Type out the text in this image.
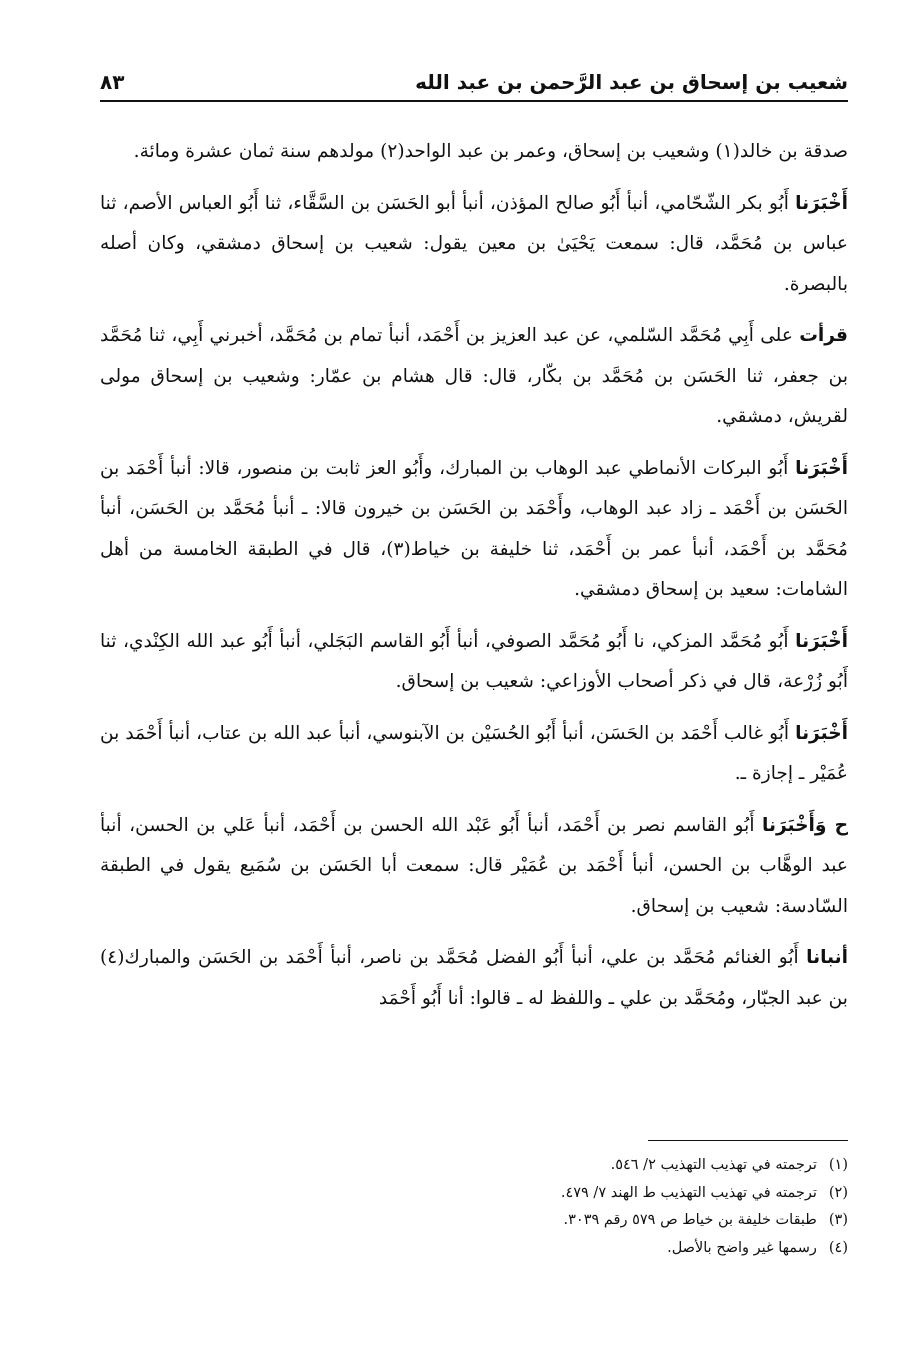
شعيب بن إسحاق بن عبد الرَّحمن بن عبد الله
٨٣

صدقة بن خالد(١) وشعيب بن إسحاق، وعمر بن عبد الواحد(٢) مولدهم سنة ثمان عشرة ومائة.

أَخْبَرَنا أَبُو بكر الشّحّامي، أنبأ أَبُو صالح المؤذن، أنبأ أبو الحَسَن بن السَّقَّاء، ثنا أَبُو العباس الأصم، ثنا عباس بن مُحَمَّد، قال: سمعت يَحْيَىٰ بن معين يقول: شعيب بن إسحاق دمشقي، وكان أصله بالبصرة.

قرأت على أَبِي مُحَمَّد السّلمي، عن عبد العزيز بن أَحْمَد، أنبأ تمام بن مُحَمَّد، أخبرني أَبِي، ثنا مُحَمَّد بن جعفر، ثنا الحَسَن بن مُحَمَّد بن بكّار، قال: قال هشام بن عمّار: وشعيب بن إسحاق مولى لقريش، دمشقي.

أَخْبَرَنا أَبُو البركات الأنماطي عبد الوهاب بن المبارك، وأَبُو العز ثابت بن منصور، قالا: أنبأ أَحْمَد بن الحَسَن بن أَحْمَد ـ زاد عبد الوهاب، وأَحْمَد بن الحَسَن بن خيرون قالا: ـ أنبأ مُحَمَّد بن الحَسَن، أنبأ مُحَمَّد بن أَحْمَد، أنبأ عمر بن أَحْمَد، ثنا خليفة بن خياط(٣)، قال في الطبقة الخامسة من أهل الشامات: سعيد بن إسحاق دمشقي.

أَخْبَرَنا أَبُو مُحَمَّد المزكي، نا أَبُو مُحَمَّد الصوفي، أنبأ أَبُو القاسم البَجَلي، أنبأ أَبُو عبد الله الكِنْدي، ثنا أَبُو زُرْعة، قال في ذكر أصحاب الأوزاعي: شعيب بن إسحاق.

أَخْبَرَنا أَبُو غالب أَحْمَد بن الحَسَن، أنبأ أَبُو الحُسَيْن بن الآبنوسي، أنبأ عبد الله بن عتاب، أنبأ أَحْمَد بن عُمَيْر ـ إجازة ـ.

ح وَأَخْبَرَنا أَبُو القاسم نصر بن أَحْمَد، أنبأ أَبُو عَبْد الله الحسن بن أَحْمَد، أنبأ عَلي بن الحسن، أنبأ عبد الوهَّاب بن الحسن، أنبأ أَحْمَد بن عُمَيْر قال: سمعت أبا الحَسَن بن سُمَيع يقول في الطبقة السّادسة: شعيب بن إسحاق.

أنبانا أَبُو الغنائم مُحَمَّد بن علي، أنبأ أَبُو الفضل مُحَمَّد بن ناصر، أنبأ أَحْمَد بن الحَسَن والمبارك(٤) بن عبد الجبّار، ومُحَمَّد بن علي ـ واللفظ له ـ قالوا: أنا أَبُو أَحْمَد

(١)ترجمته في تهذيب التهذيب ٢/ ٥٤٦.

(٢)ترجمته في تهذيب التهذيب ط الهند ٧/ ٤٧٩.

(٣)طبقات خليفة بن خياط ص ٥٧٩ رقم ٣٠٣٩.

(٤)رسمها غير واضح بالأصل.
